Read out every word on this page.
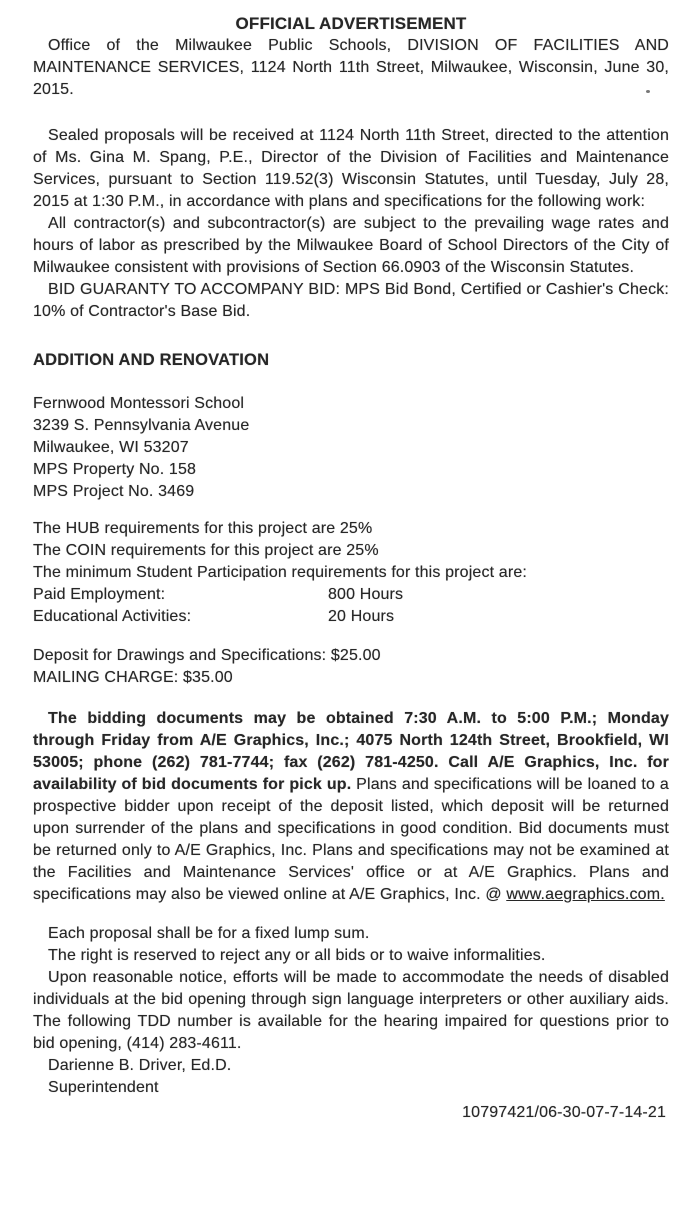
OFFICIAL ADVERTISEMENT

Office of the Milwaukee Public Schools, DIVISION OF FACILITIES AND MAINTENANCE SERVICES, 1124 North 11th Street, Milwaukee, Wisconsin, June 30, 2015.

Sealed proposals will be received at 1124 North 11th Street, directed to the attention of Ms. Gina M. Spang, P.E., Director of the Division of Facilities and Maintenance Services, pursuant to Section 119.52(3) Wisconsin Statutes, until Tuesday, July 28, 2015 at 1:30 P.M., in accordance with plans and specifications for the following work:

All contractor(s) and subcontractor(s) are subject to the prevailing wage rates and hours of labor as prescribed by the Milwaukee Board of School Directors of the City of Milwaukee consistent with provisions of Section 66.0903 of the Wisconsin Statutes.

BID GUARANTY TO ACCOMPANY BID: MPS Bid Bond, Certified or Cashier's Check: 10% of Contractor's Base Bid.

ADDITION AND RENOVATION
Fernwood Montessori School
3239 S. Pennsylvania Avenue
Milwaukee, WI 53207
MPS Property No. 158
MPS Project No. 3469
The HUB requirements for this project are 25%
The COIN requirements for this project are 25%
The minimum Student Participation requirements for this project are:
Paid Employment:	800 Hours
Educational Activities:	20 Hours
Deposit for Drawings and Specifications: $25.00
MAILING CHARGE: $35.00

The bidding documents may be obtained 7:30 A.M. to 5:00 P.M.; Monday through Friday from A/E Graphics, Inc.; 4075 North 124th Street, Brookfield, WI 53005; phone (262) 781-7744; fax (262) 781-4250. Call A/E Graphics, Inc. for availability of bid documents for pick up. Plans and specifications will be loaned to a prospective bidder upon receipt of the deposit listed, which deposit will be returned upon surrender of the plans and specifications in good condition. Bid documents must be returned only to A/E Graphics, Inc. Plans and specifications may not be examined at the Facilities and Maintenance Services' office or at A/E Graphics. Plans and specifications may also be viewed online at A/E Graphics, Inc. @ www.aegraphics.com.

Each proposal shall be for a fixed lump sum.

The right is reserved to reject any or all bids or to waive informalities.

Upon reasonable notice, efforts will be made to accommodate the needs of disabled individuals at the bid opening through sign language interpreters or other auxiliary aids. The following TDD number is available for the hearing impaired for questions prior to bid opening, (414) 283-4611.

Darienne B. Driver, Ed.D.
Superintendent
10797421/06-30-07-7-14-21
